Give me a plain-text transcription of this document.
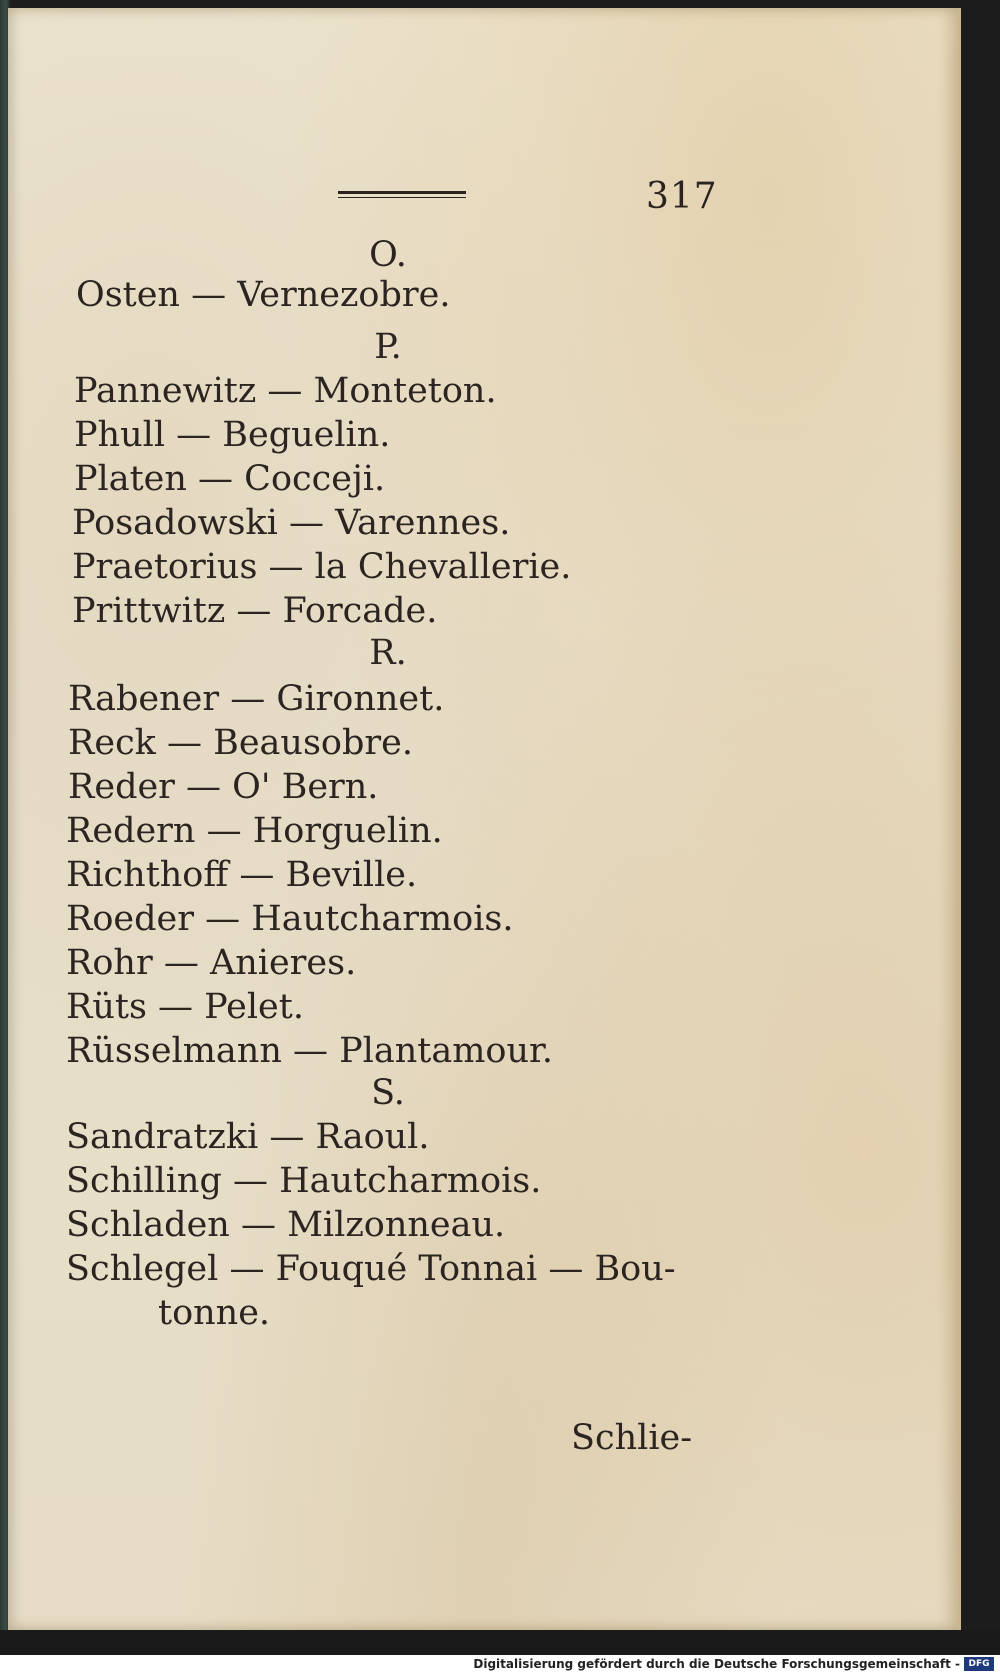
317
O.
Osten — Vernezobre.
P.
Pannewitz — Monteton.
Phull — Beguelin.
Platen — Cocceji.
Posadowski — Varennes.
Praetorius — la Chevallerie.
Prittwitz — Forcade.
R.
Rabener — Gironnet.
Reck — Beausobre.
Reder — O' Bern.
Redern — Horguelin.
Richthoff — Beville.
Roeder — Hautcharmois.
Rohr — Anieres.
Rüts — Pelet.
Rüsselmann — Plantamour.
S.
Sandratzki — Raoul.
Schilling — Hautcharmois.
Schladen — Milzonneau.
Schlegel — Fouqué Tonnai — Bou-
tonne.
Schlie-
Digitalisierung gefördert durch die Deutsche Forschungsgemeinschaft - DFG
